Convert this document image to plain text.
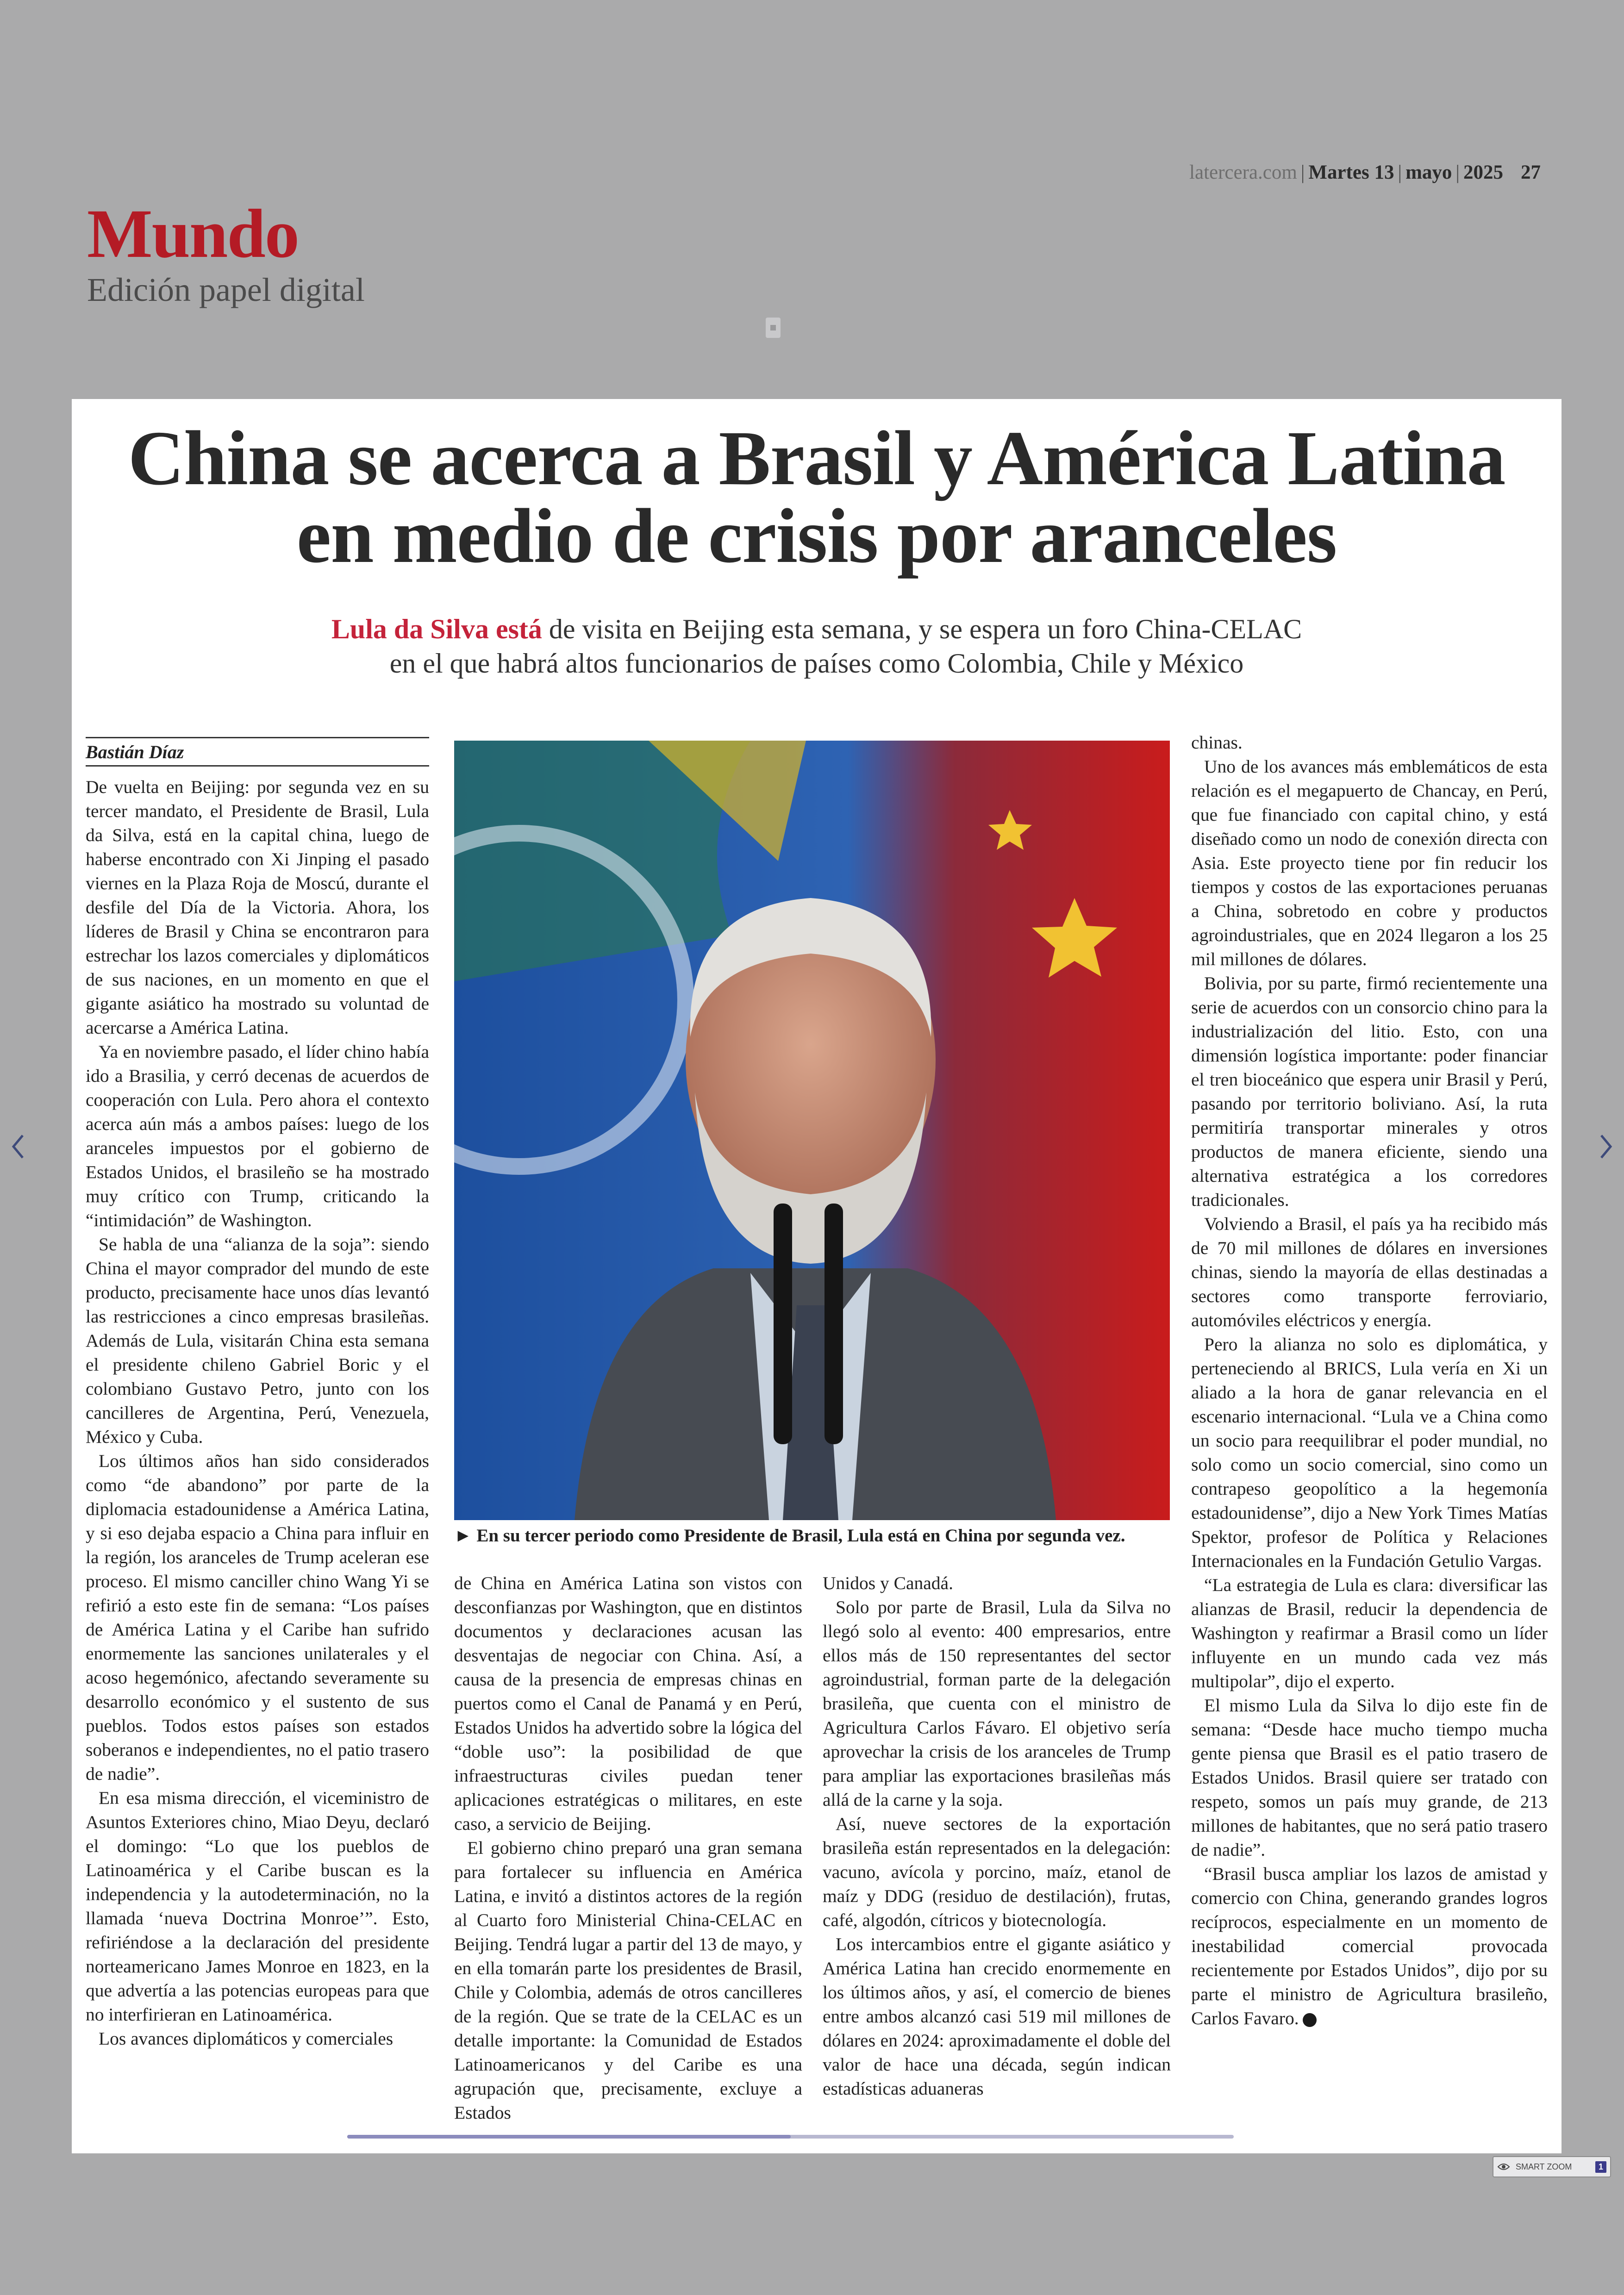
latercera.com | Martes 13 | mayo | 2025 27
Mundo
Edición papel digital
China se acerca a Brasil y América Latina
en medio de crisis por aranceles
Lula da Silva está de visita en Beijing esta semana, y se espera un foro China-CELAC
en el que habrá altos funcionarios de países como Colombia, Chile y México
Bastián Díaz

De vuelta en Beijing: por segunda vez en su tercer mandato, el Presidente de Brasil, Lula da Silva, está en la capital china, luego de haberse encontrado con Xi Jinping el pasado viernes en la Plaza Roja de Moscú, durante el desfile del Día de la Victoria. Ahora, los líderes de Brasil y China se encontraron para estrechar los lazos comerciales y diplomáticos de sus naciones, en un momento en que el gigante asiático ha mostrado su voluntad de acercarse a América Latina.

Ya en noviembre pasado, el líder chino había ido a Brasilia, y cerró decenas de acuerdos de cooperación con Lula. Pero ahora el contexto acerca aún más a ambos países: luego de los aranceles impuestos por el gobierno de Estados Unidos, el brasileño se ha mostrado muy crítico con Trump, criticando la “intimidación” de Washington.

Se habla de una “alianza de la soja”: siendo China el mayor comprador del mundo de este producto, precisamente hace unos días levantó las restricciones a cinco empresas brasileñas. Además de Lula, visitarán China esta semana el presidente chileno Gabriel Boric y el colombiano Gustavo Petro, junto con los cancilleres de Argentina, Perú, Venezuela, México y Cuba.

Los últimos años han sido considerados como “de abandono” por parte de la diplomacia estadounidense a América Latina, y si eso dejaba espacio a China para influir en la región, los aranceles de Trump aceleran ese proceso. El mismo canciller chino Wang Yi se refirió a esto este fin de semana: “Los países de América Latina y el Caribe han sufrido enormemente las sanciones unilaterales y el acoso hegemónico, afectando severamente su desarrollo económico y el sustento de sus pueblos. Todos estos países son estados soberanos e independientes, no el patio trasero de nadie”.

En esa misma dirección, el viceministro de Asuntos Exteriores chino, Miao Deyu, declaró el domingo: “Lo que los pueblos de Latinoamérica y el Caribe buscan es la independencia y la autodeterminación, no la llamada ‘nueva Doctrina Monroe’”. Esto, refiriéndose a la declaración del presidente norteamericano James Monroe en 1823, en la que advertía a las potencias europeas para que no interfirieran en Latinoamérica.

Los avances diplomáticos y comerciales

► En su tercer periodo como Presidente de Brasil, Lula está en China por segunda vez.

de China en América Latina son vistos con desconfianzas por Washington, que en distintos documentos y declaraciones acusan las desventajas de negociar con China. Así, a causa de la presencia de empresas chinas en puertos como el Canal de Panamá y en Perú, Estados Unidos ha advertido sobre la lógica del “doble uso”: la posibilidad de que infraestructuras civiles puedan tener aplicaciones estratégicas o militares, en este caso, a servicio de Beijing.

El gobierno chino preparó una gran semana para fortalecer su influencia en América Latina, e invitó a distintos actores de la región al Cuarto foro Ministerial China-CELAC en Beijing. Tendrá lugar a partir del 13 de mayo, y en ella tomarán parte los presidentes de Brasil, Chile y Colombia, además de otros cancilleres de la región. Que se trate de la CELAC es un detalle importante: la Comunidad de Estados Latinoamericanos y del Caribe es una agrupación que, precisamente, excluye a Estados

Unidos y Canadá.

Solo por parte de Brasil, Lula da Silva no llegó solo al evento: 400 empresarios, entre ellos más de 150 representantes del sector agroindustrial, forman parte de la delegación brasileña, que cuenta con el ministro de Agricultura Carlos Fávaro. El objetivo sería aprovechar la crisis de los aranceles de Trump para ampliar las exportaciones brasileñas más allá de la carne y la soja.

Así, nueve sectores de la exportación brasileña están representados en la delegación: vacuno, avícola y porcino, maíz, etanol de maíz y DDG (residuo de destilación), frutas, café, algodón, cítricos y biotecnología.

Los intercambios entre el gigante asiático y América Latina han crecido enormemente en los últimos años, y así, el comercio de bienes entre ambos alcanzó casi 519 mil millones de dólares en 2024: aproximadamente el doble del valor de hace una década, según indican estadísticas aduaneras

chinas.

Uno de los avances más emblemáticos de esta relación es el megapuerto de Chancay, en Perú, que fue financiado con capital chino, y está diseñado como un nodo de conexión directa con Asia. Este proyecto tiene por fin reducir los tiempos y costos de las exportaciones peruanas a China, sobretodo en cobre y productos agroindustriales, que en 2024 llegaron a los 25 mil millones de dólares.

Bolivia, por su parte, firmó recientemente una serie de acuerdos con un consorcio chino para la industrialización del litio. Esto, con una dimensión logística importante: poder financiar el tren bioceánico que espera unir Brasil y Perú, pasando por territorio boliviano. Así, la ruta permitiría transportar minerales y otros productos de manera eficiente, siendo una alternativa estratégica a los corredores tradicionales.

Volviendo a Brasil, el país ya ha recibido más de 70 mil millones de dólares en inversiones chinas, siendo la mayoría de ellas destinadas a sectores como transporte ferroviario, automóviles eléctricos y energía.

Pero la alianza no solo es diplomática, y perteneciendo al BRICS, Lula vería en Xi un aliado a la hora de ganar relevancia en el escenario internacional. “Lula ve a China como un socio para reequilibrar el poder mundial, no solo como un socio comercial, sino como un contrapeso geopolítico a la hegemonía estadounidense”, dijo a New York Times Matías Spektor, profesor de Política y Relaciones Internacionales en la Fundación Getulio Vargas.

“La estrategia de Lula es clara: diversificar las alianzas de Brasil, reducir la dependencia de Washington y reafirmar a Brasil como un líder influyente en un mundo cada vez más multipolar”, dijo el experto.

El mismo Lula da Silva lo dijo este fin de semana: “Desde hace mucho tiempo mucha gente piensa que Brasil es el patio trasero de Estados Unidos. Brasil quiere ser tratado con respeto, somos un país muy grande, de 213 millones de habitantes, que no será patio trasero de nadie”.

“Brasil busca ampliar los lazos de amistad y comercio con China, generando grandes logros recíprocos, especialmente en un momento de inestabilidad comercial provocada recientemente por Estados Unidos”, dijo por su parte el ministro de Agricultura brasileño, Carlos Favaro.

SMART ZOOM	1
